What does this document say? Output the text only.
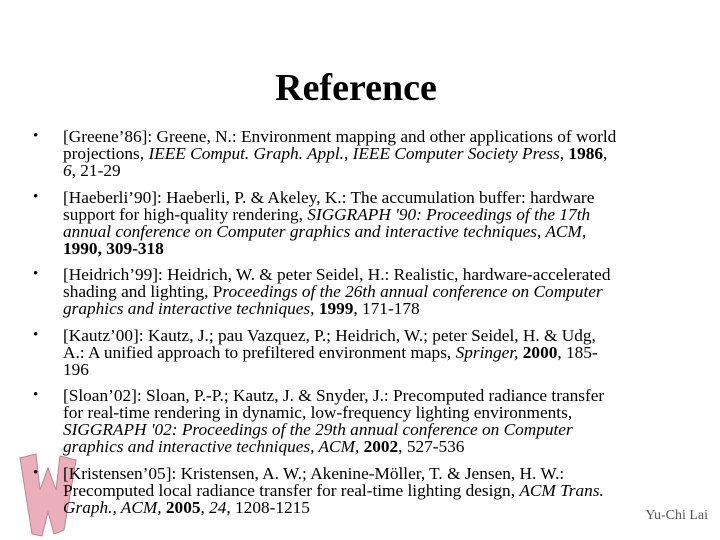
Reference
• [Greene’86]: Greene, N.: Environment mapping and other applications of world
projections, IEEE Comput. Graph. Appl., IEEE Computer Society Press, 1986,
6, 21-29
• [Haeberli’90]: Haeberli, P. & Akeley, K.: The accumulation buffer: hardware
support for high-quality rendering, SIGGRAPH '90: Proceedings of the 17th
annual conference on Computer graphics and interactive techniques, ACM,
1990, 309-318
• [Heidrich’99]: Heidrich, W. & peter Seidel, H.: Realistic, hardware-accelerated
shading and lighting, Proceedings of the 26th annual conference on Computer
graphics and interactive techniques, 1999, 171-178
• [Kautz’00]: Kautz, J.; pau Vazquez, P.; Heidrich, W.; peter Seidel, H. & Udg,
A.: A unified approach to prefiltered environment maps, Springer, 2000, 185-
196
• [Sloan’02]: Sloan, P.-P.; Kautz, J. & Snyder, J.: Precomputed radiance transfer
for real-time rendering in dynamic, low-frequency lighting environments,
SIGGRAPH '02: Proceedings of the 29th annual conference on Computer
graphics and interactive techniques, ACM, 2002, 527-536
• [Kristensen’05]: Kristensen, A. W.; Akenine-Möller, T. & Jensen, H. W.:
Precomputed local radiance transfer for real-time lighting design, ACM Trans.
Graph., ACM, 2005, 24, 1208-1215	Yu-Chi Lai
